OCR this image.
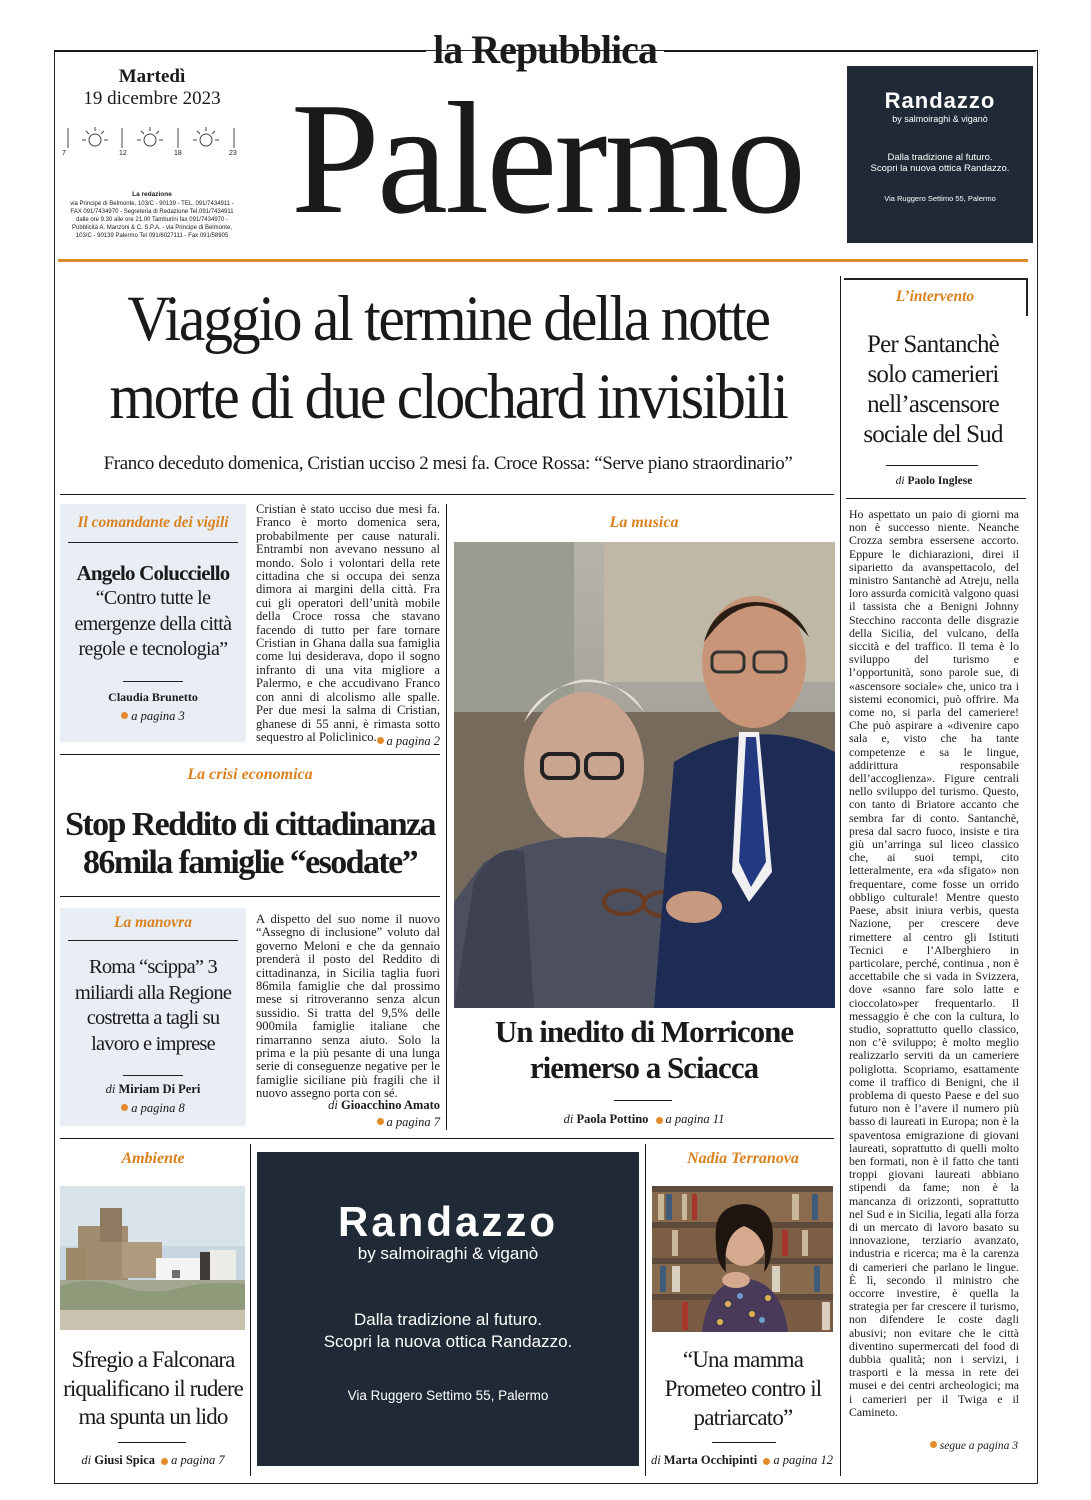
la Repubblica
Palermo
Martedì
19 dicembre 2023
7	12	18	23
La redazione
via Principe di Belmonte, 103/C - 90139 - TEL. 091/7434911 - FAX 091/7434970 - Segreteria di Redazione Tel.091/7434911 dalle ore 9.30 alle ore 21.00 Tamburini fax 091/7434970 - Pubblicità A. Manzoni & C. S.P.A. - via Principe di Belmonte, 103/C - 90139 Palermo Tel 091/6027111 - Fax 091/58905
Randazzo
by salmoiraghi & viganò
Dalla tradizione al futuro.
Scopri la nuova ottica Randazzo.
Via Ruggero Settimo 55, Palermo
Viaggio al termine della notte
morte di due clochard invisibili
Franco deceduto domenica, Cristian ucciso 2 mesi fa. Croce Rossa: “Serve piano straordinario”
Il comandante dei vigili
Angelo Colucciello
“Contro tutte le emergenze della città regole e tecnologia”
Claudia Brunetto
a pagina 3
Cristian è stato ucciso due mesi fa. Franco è morto domenica sera, probabilmente per cause naturali. Entrambi non avevano nessuno al mondo. Solo i volontari della rete cittadina che si occupa dei senza dimora ai margini della città. Fra cui gli operatori dell’unità mobile della Croce rossa che stavano facendo di tutto per fare tornare Cristian in Ghana dalla sua famiglia come lui desiderava, dopo il sogno infranto di una vita migliore a Palermo, e che accudivano Franco con anni di alcolismo alle spalle. Per due mesi la salma di Cristian, ghanese di 55 anni, è rimasta sotto sequestro al Policlinico. a pagina 2
La crisi economica
Stop Reddito di cittadinanza
86mila famiglie “esodate”
La manovra
Roma “scippa” 3 miliardi alla Regione costretta a tagli su lavoro e imprese
di Miriam Di Peri
a pagina 8
A dispetto del suo nome il nuovo “Assegno di inclusione” voluto dal governo Meloni e che da gennaio prenderà il posto del Reddito di cittadinanza, in Sicilia taglia fuori 86mila famiglie che dal prossimo mese si ritroveranno senza alcun sussidio. Si tratta del 9,5% delle 900mila famiglie italiane che rimarranno senza aiuto. Solo la prima e la più pesante di una lunga serie di conseguenze negative per le famiglie siciliane più fragili che il nuovo assegno porta con sé.
di Gioacchino Amato
a pagina 7
La musica
Un inedito di Morricone
riemerso a Sciacca
di Paola Pottino a pagina 11
L’intervento
Per Santanchè solo camerieri nell’ascensore sociale del Sud
di Paolo Inglese
Ho aspettato un paio di giorni ma non è successo niente. Neanche Crozza sembra essersene accorto. Eppure le dichiarazioni, direi il siparietto da avanspettacolo, del ministro Santanchè ad Atreju, nella loro assurda comicità valgono quasi il tassista che a Benigni Johnny Stecchino racconta delle disgrazie della Sicilia, del vulcano, della siccità e del traffico. Il tema è lo sviluppo del turismo e l’opportunità, sono parole sue, di «ascensore sociale» che, unico tra i sistemi economici, può offrire. Ma come no, si parla del cameriere! Che può aspirare a «divenire capo sala e, visto che ha tante competenze e sa le lingue, addirittura responsabile dell’accoglienza». Figure centrali nello sviluppo del turismo. Questo, con tanto di Briatore accanto che sembra far di conto. Santanchè, presa dal sacro fuoco, insiste e tira giù un’arringa sul liceo classico che, ai suoi tempi, cito letteralmente, era «da sfigato» non frequentare, come fosse un orrido obbligo culturale! Mentre questo Paese, absit iniura verbis, questa Nazione, per crescere deve rimettere al centro gli Istituti Tecnici e l’Alberghiero in particolare, perché, continua , non è accettabile che si vada in Svizzera, dove «sanno fare solo latte e cioccolato»per frequentarlo. Il messaggio è che con la cultura, lo studio, soprattutto quello classico, non c’è sviluppo; è molto meglio realizzarlo serviti da un cameriere poliglotta. Scopriamo, esattamente come il traffico di Benigni, che il problema di questo Paese e del suo futuro non è l’avere il numero più basso di laureati in Europa; non è la spaventosa emigrazione di giovani laureati, soprattutto di quelli molto ben formati, non è il fatto che tanti troppi giovani laureati abbiano stipendi da fame; non è la mancanza di orizzonti, soprattutto nel Sud e in Sicilia, legati alla forza di un mercato di lavoro basato su innovazione, terziario avanzato, industria e ricerca; ma è la carenza di camerieri che parlano le lingue. È lì, secondo il ministro che occorre investire, è quella la strategia per far crescere il turismo, non difendere le coste dagli abusivi; non evitare che le città diventino supermercati del food di dubbia qualità; non i servizi, i trasporti e la messa in rete dei musei e dei centri archeologici; ma i camerieri per il Twiga e il Camineto.
segue a pagina 3
Ambiente
Sfregio a Falconara riqualificano il rudere ma spunta un lido
di Giusi Spica a pagina 7
Randazzo
by salmoiraghi & viganò
Dalla tradizione al futuro.
Scopri la nuova ottica Randazzo.
Via Ruggero Settimo 55, Palermo
Nadia Terranova
“Una mamma Prometeo contro il patriarcato”
di Marta Occhipinti a pagina 12
